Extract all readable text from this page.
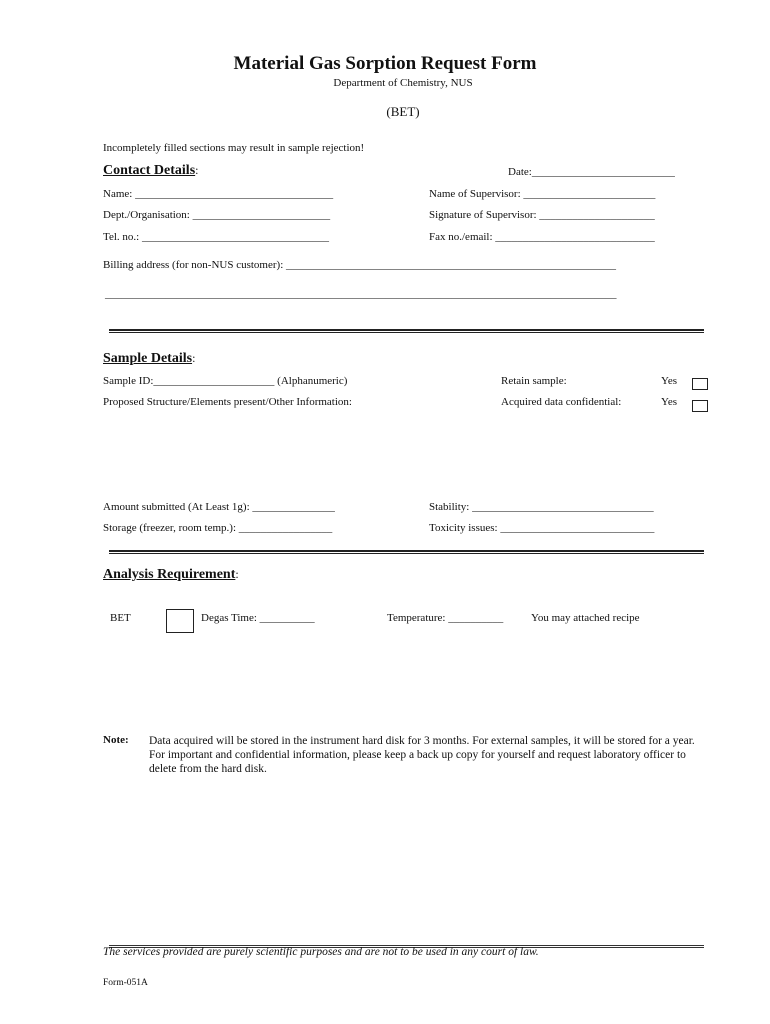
Material Gas Sorption Request Form
Department of Chemistry, NUS
(BET)
Incompletely filled sections may result in sample rejection!
Contact Details:	Date:__________________________
Name: ____________________________________	Name of Supervisor: ________________________
Dept./Organisation: _________________________	Signature of Supervisor: _____________________
Tel. no.: __________________________________	Fax no./email: _____________________________
Billing address (for non-NUS customer): ____________________________________________________________
_____________________________________________________________________________________________
Sample Details:
Sample ID:______________________ (Alphanumeric)	Retain sample:	Yes
Proposed Structure/Elements present/Other Information:	Acquired data confidential:	Yes
Amount submitted (At Least 1g): _______________	Stability: _________________________________
Storage (freezer, room temp.): _________________	Toxicity issues: ____________________________
Analysis Requirement:
BET	Degas Time: __________	Temperature: __________	You may attached recipe
Note: Data acquired will be stored in the instrument hard disk for 3 months. For external samples, it will be stored for a year.
For important and confidential information, please keep a back up copy for yourself and request laboratory officer to delete from the hard disk.
The services provided are purely scientific purposes and are not to be used in any court of law.
Form-051A
